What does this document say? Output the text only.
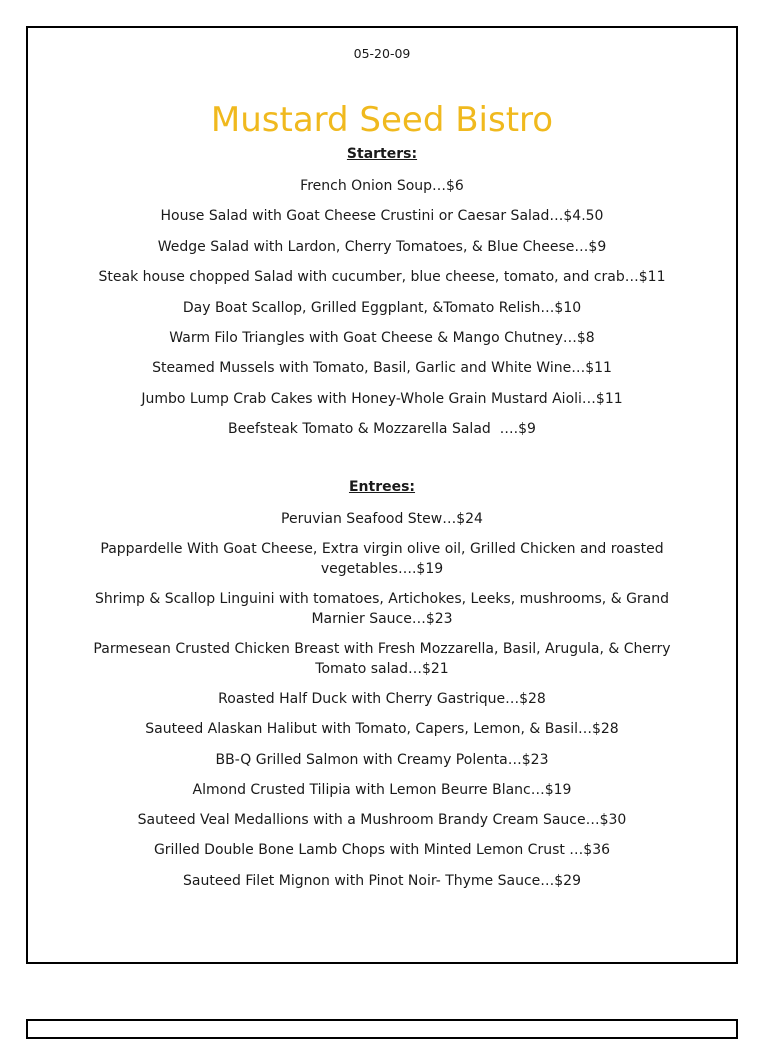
05-20-09
Mustard Seed Bistro
Starters:
French Onion Soup…$6
House Salad with Goat Cheese Crustini or Caesar Salad…$4.50
Wedge Salad with Lardon, Cherry Tomatoes, & Blue Cheese…$9
Steak house chopped Salad with cucumber, blue cheese, tomato, and crab…$11
Day Boat Scallop, Grilled Eggplant, &Tomato Relish…$10
Warm Filo Triangles with Goat Cheese & Mango Chutney…$8
Steamed Mussels with Tomato, Basil, Garlic and White Wine…$11
Jumbo Lump Crab Cakes with Honey-Whole Grain Mustard Aioli…$11
Beefsteak Tomato & Mozzarella Salad  ….$9
Entrees:
Peruvian Seafood Stew…$24
Pappardelle With Goat Cheese, Extra virgin olive oil, Grilled Chicken and roasted vegetables….$19
Shrimp & Scallop Linguini with tomatoes, Artichokes, Leeks, mushrooms, & Grand Marnier Sauce…$23
Parmesean Crusted Chicken Breast with Fresh Mozzarella, Basil, Arugula, & Cherry Tomato salad…$21
Roasted Half Duck with Cherry Gastrique…$28
Sauteed Alaskan Halibut with Tomato, Capers, Lemon, & Basil…$28
BB-Q Grilled Salmon with Creamy Polenta…$23
Almond Crusted Tilipia with Lemon Beurre Blanc…$19
Sauteed Veal Medallions with a Mushroom Brandy Cream Sauce…$30
Grilled Double Bone Lamb Chops with Minted Lemon Crust …$36
Sauteed Filet Mignon with Pinot Noir- Thyme Sauce…$29
